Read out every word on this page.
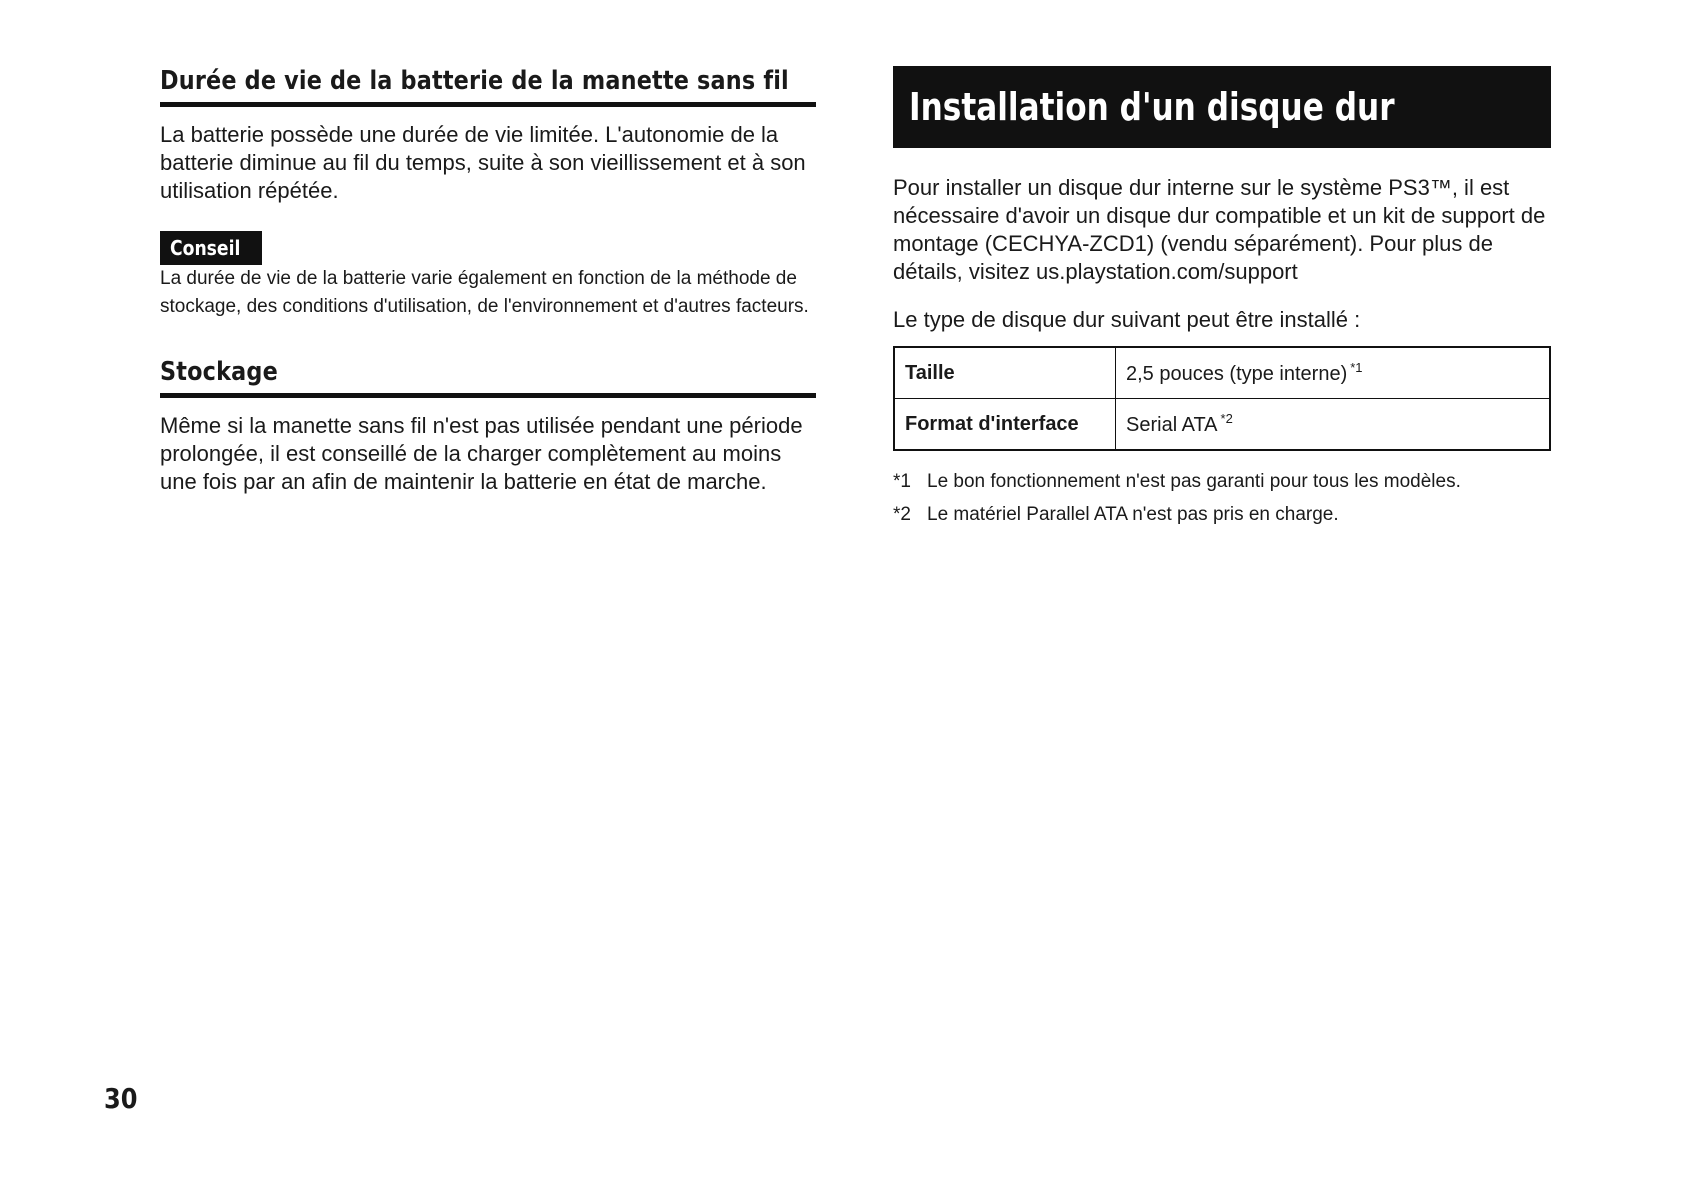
Durée de vie de la batterie de la manette sans fil

La batterie possède une durée de vie limitée. L'autonomie de la batterie diminue au fil du temps, suite à son vieillissement et à son utilisation répétée.

Conseil

La durée de vie de la batterie varie également en fonction de la méthode de stockage, des conditions d'utilisation, de l'environnement et d'autres facteurs.

Stockage

Même si la manette sans fil n'est pas utilisée pendant une période prolongée, il est conseillé de la charger complètement au moins une fois par an afin de maintenir la batterie en état de marche.

Installation d'un disque dur

Pour installer un disque dur interne sur le système PS3™, il est nécessaire d'avoir un disque dur compatible et un kit de support de montage (CECHYA-ZCD1) (vendu séparément). Pour plus de détails, visitez us.playstation.com/support

Le type de disque dur suivant peut être installé :

Taille	2,5 pouces (type interne) $^{*1}$
Format d'interface	Serial ATA $^{*2}$
*1 Le bon fonctionnement n'est pas garanti pour tous les modèles.
*2 Le matériel Parallel ATA n'est pas pris en charge.
30
